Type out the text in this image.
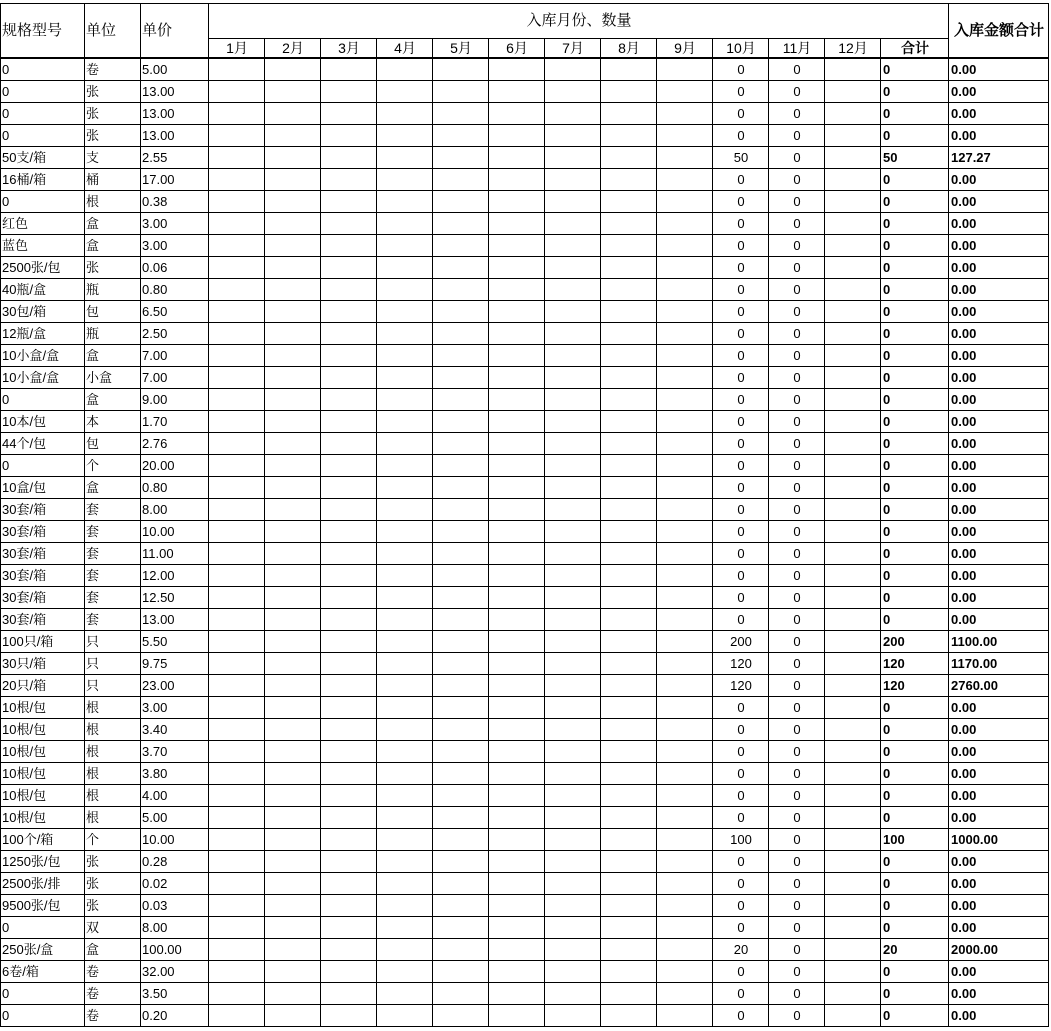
规格型号	单位	单价	入库月份、数量													入库金额合计
			1月	2月	3月	4月	5月	6月	7月	8月	9月	10月	11月	12月	合计	
0	卷	5.00										0	0		0	0.00
0	张	13.00										0	0		0	0.00
0	张	13.00										0	0		0	0.00
0	张	13.00										0	0		0	0.00
50支/箱	支	2.55										50	0		50	127.27
16桶/箱	桶	17.00										0	0		0	0.00
0	根	0.38										0	0		0	0.00
红色	盒	3.00										0	0		0	0.00
蓝色	盒	3.00										0	0		0	0.00
2500张/包	张	0.06										0	0		0	0.00
40瓶/盒	瓶	0.80										0	0		0	0.00
30包/箱	包	6.50										0	0		0	0.00
12瓶/盒	瓶	2.50										0	0		0	0.00
10小盒/盒	盒	7.00										0	0		0	0.00
10小盒/盒	小盒	7.00										0	0		0	0.00
0	盒	9.00										0	0		0	0.00
10本/包	本	1.70										0	0		0	0.00
44个/包	包	2.76										0	0		0	0.00
0	个	20.00										0	0		0	0.00
10盒/包	盒	0.80										0	0		0	0.00
30套/箱	套	8.00										0	0		0	0.00
30套/箱	套	10.00										0	0		0	0.00
30套/箱	套	11.00										0	0		0	0.00
30套/箱	套	12.00										0	0		0	0.00
30套/箱	套	12.50										0	0		0	0.00
30套/箱	套	13.00										0	0		0	0.00
100只/箱	只	5.50										200	0		200	1100.00
30只/箱	只	9.75										120	0		120	1170.00
20只/箱	只	23.00										120	0		120	2760.00
10根/包	根	3.00										0	0		0	0.00
10根/包	根	3.40										0	0		0	0.00
10根/包	根	3.70										0	0		0	0.00
10根/包	根	3.80										0	0		0	0.00
10根/包	根	4.00										0	0		0	0.00
10根/包	根	5.00										0	0		0	0.00
100个/箱	个	10.00										100	0		100	1000.00
1250张/包	张	0.28										0	0		0	0.00
2500张/排	张	0.02										0	0		0	0.00
9500张/包	张	0.03										0	0		0	0.00
0	双	8.00										0	0		0	0.00
250张/盒	盒	100.00										20	0		20	2000.00
6卷/箱	卷	32.00										0	0		0	0.00
0	卷	3.50										0	0		0	0.00
0	卷	0.20										0	0		0	0.00
